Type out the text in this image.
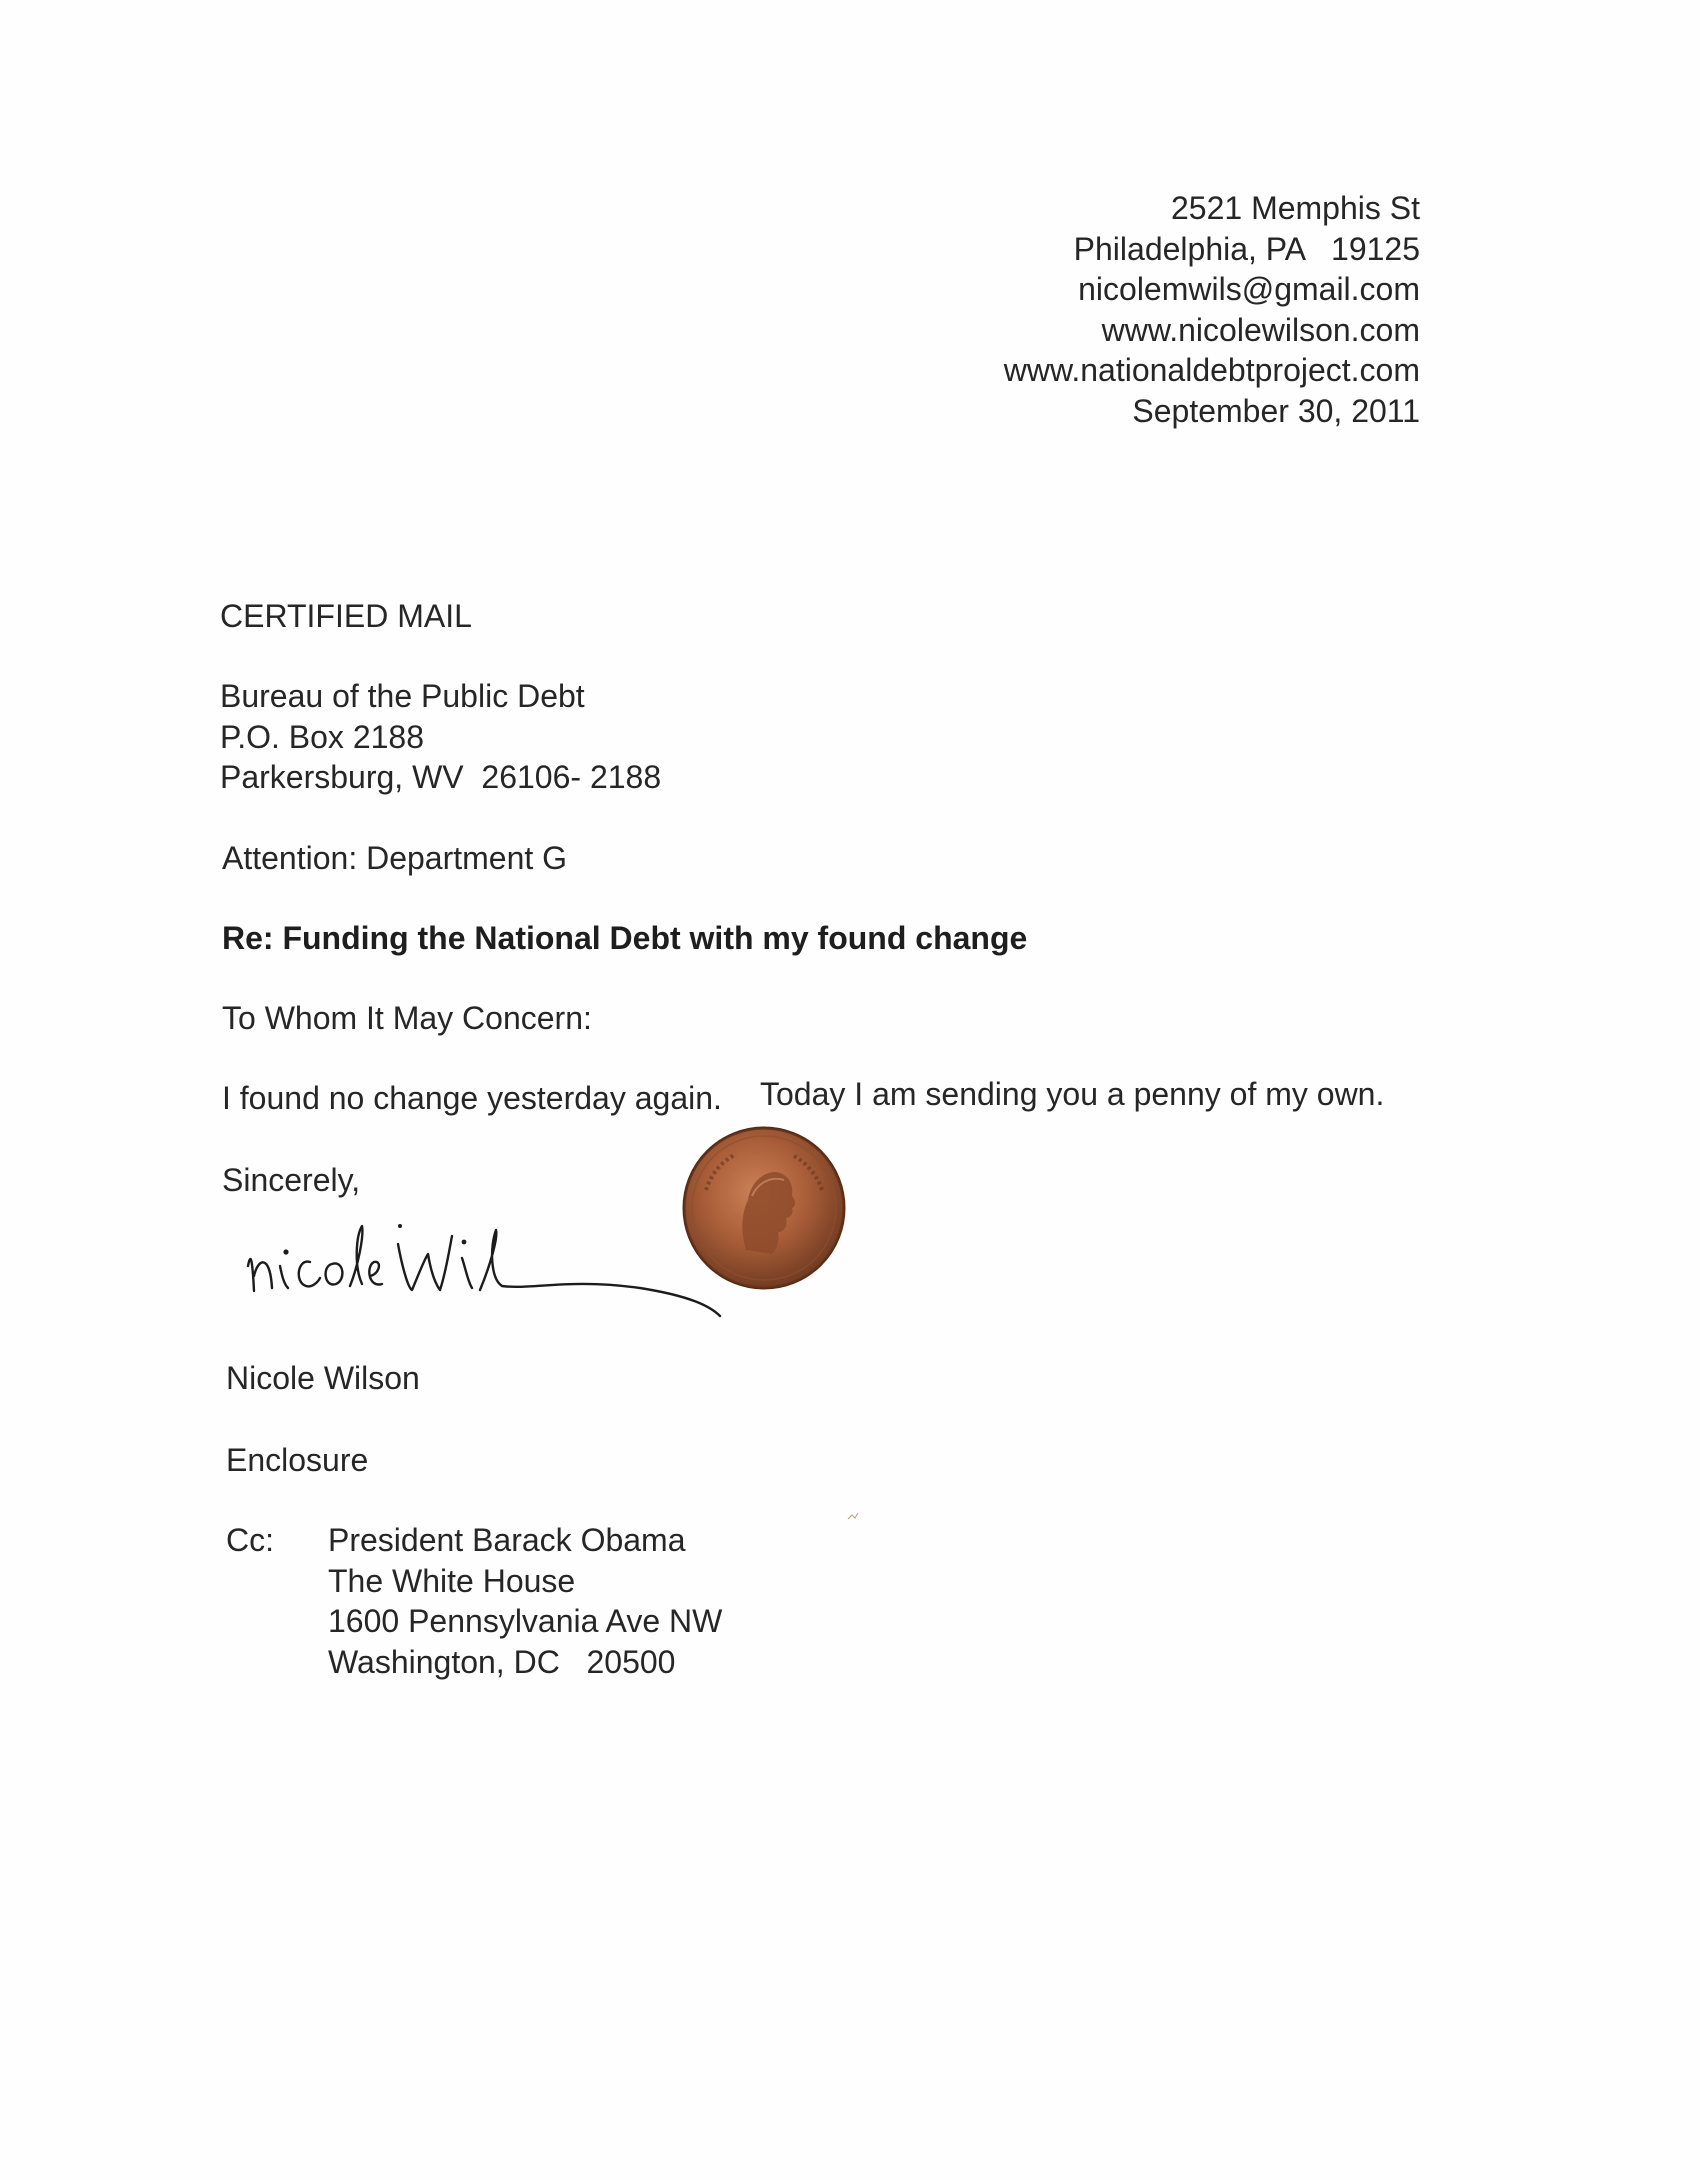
2521 Memphis St
Philadelphia, PA   19125
nicolemwils@gmail.com
www.nicolewilson.com
www.nationaldebtproject.com
September 30, 2011
CERTIFIED MAIL
Bureau of the Public Debt
P.O. Box 2188
Parkersburg, WV  26106- 2188
Attention: Department G
Re: Funding the National Debt with my found change
To Whom It May Concern:
I found no change yesterday again. Today I am sending you a penny of my own.
Sincerely,
Nicole Wilson
Enclosure
Cc: President Barack Obama
The White House
1600 Pennsylvania Ave NW
Washington, DC   20500
